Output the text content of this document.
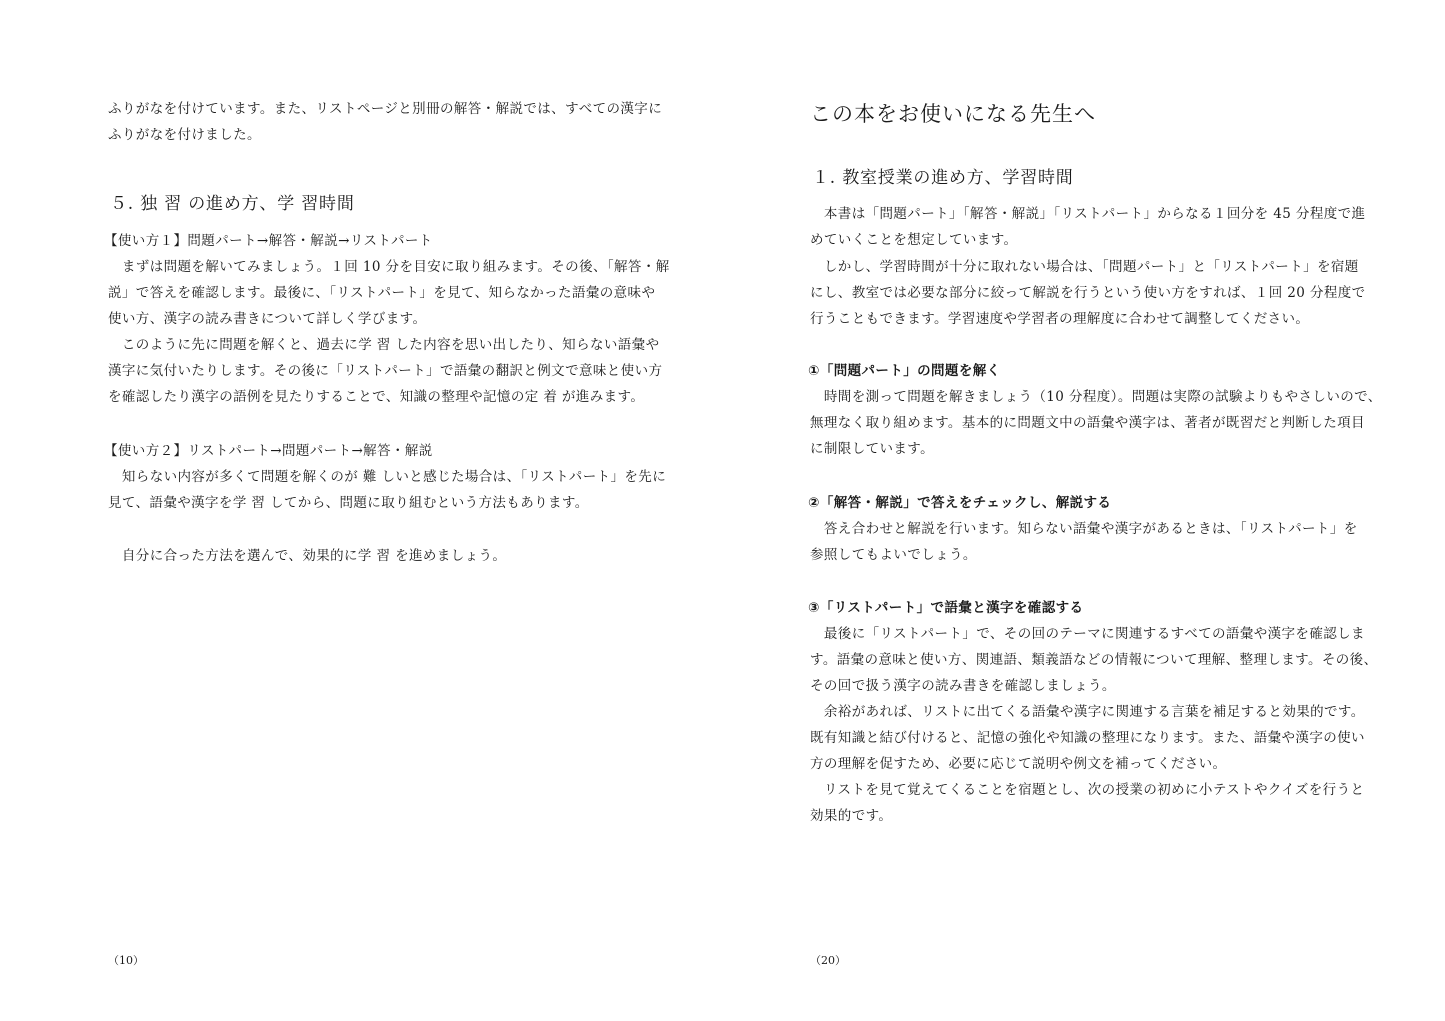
ふりがなを付けています。また、リストページと別冊の解答・解説では、すべての漢字に
ふりがなを付けました。
５. 独 習 の進め方、学 習時間
【使い方１】問題パート→解答・解説→リストパート
　まずは問題を解いてみましょう。１回 10 分を目安に取り組みます。その後、「解答・解
説」で答えを確認します。最後に、「リストパート」を見て、知らなかった語彙の意味や
使い方、漢字の読み書きについて詳しく学びます。
　このように先に問題を解くと、過去に学 習 した内容を思い出したり、知らない語彙や
漢字に気付いたりします。その後に「リストパート」で語彙の翻訳と例文で意味と使い方
を確認したり漢字の語例を見たりすることで、知識の整理や記憶の定 着 が進みます。
【使い方２】リストパート→問題パート→解答・解説
　知らない内容が多くて問題を解くのが 難 しいと感じた場合は、「リストパート」を先に
見て、語彙や漢字を学 習 してから、問題に取り組むという方法もあります。
　自分に合った方法を選んで、効果的に学 習 を進めましょう。
（10）
この本をお使いになる先生へ
１. 教室授業の進め方、学習時間
　本書は「問題パート」「解答・解説」「リストパート」からなる１回分を 45 分程度で進
めていくことを想定しています。
　しかし、学習時間が十分に取れない場合は、「問題パート」と「リストパート」を宿題
にし、教室では必要な部分に絞って解説を行うという使い方をすれば、１回 20 分程度で
行うこともできます。学習速度や学習者の理解度に合わせて調整してください。
①「問題パート」の問題を解く
　時間を測って問題を解きましょう（10 分程度）。問題は実際の試験よりもやさしいので、
無理なく取り組めます。基本的に問題文中の語彙や漢字は、著者が既習だと判断した項目
に制限しています。
②「解答・解説」で答えをチェックし、解説する
　答え合わせと解説を行います。知らない語彙や漢字があるときは、「リストパート」を
参照してもよいでしょう。
③「リストパート」で語彙と漢字を確認する
　最後に「リストパート」で、その回のテーマに関連するすべての語彙や漢字を確認しま
す。語彙の意味と使い方、関連語、類義語などの情報について理解、整理します。その後、
その回で扱う漢字の読み書きを確認しましょう。
　余裕があれば、リストに出てくる語彙や漢字に関連する言葉を補足すると効果的です。
既有知識と結び付けると、記憶の強化や知識の整理になります。また、語彙や漢字の使い
方の理解を促すため、必要に応じて説明や例文を補ってください。
　リストを見て覚えてくることを宿題とし、次の授業の初めに小テストやクイズを行うと
効果的です。
（20）
